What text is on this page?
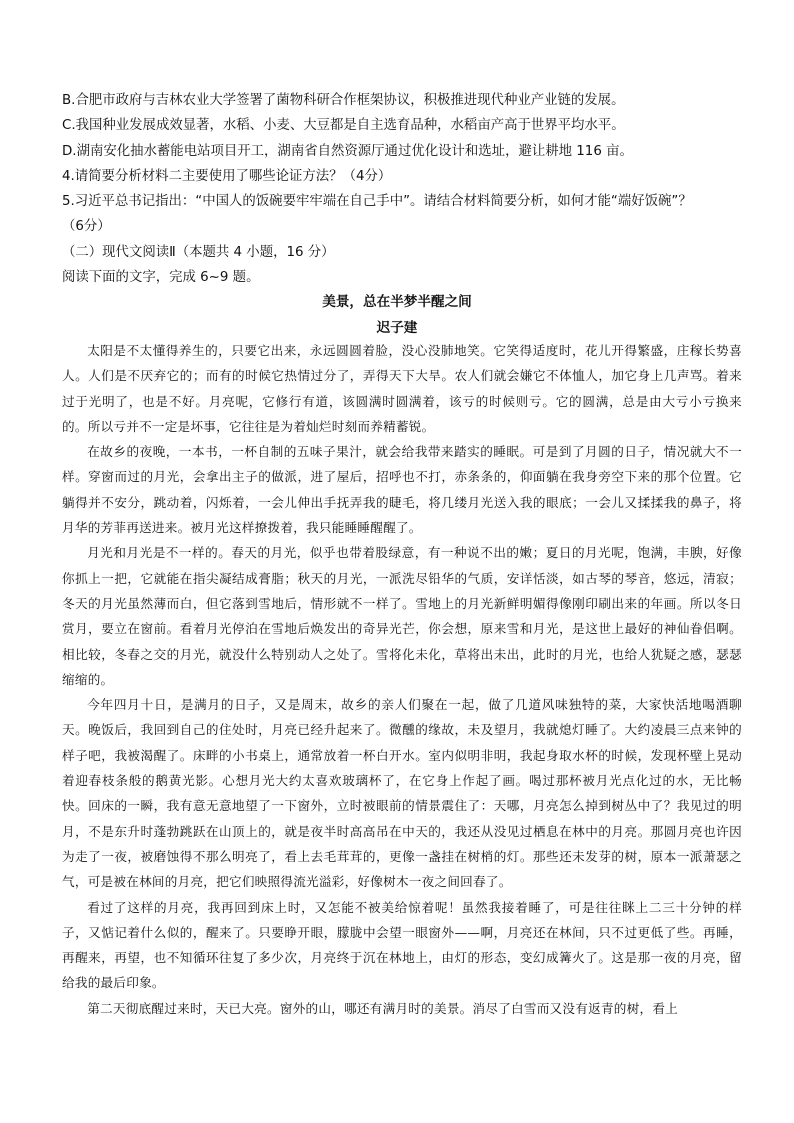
B.合肥市政府与吉林农业大学签署了菌物科研合作框架协议，积极推进现代种业产业链的发展。

C.我国种业发展成效显著，水稻、小麦、大豆都是自主选育品种，水稻亩产高于世界平均水平。

D.湖南安化抽水蓄能电站项目开工，湖南省自然资源厅通过优化设计和选址，避让耕地 116 亩。

4.请简要分析材料二主要使用了哪些论证方法？（4分）

5.习近平总书记指出：“中国人的饭碗要牢牢端在自己手中”。请结合材料简要分析，如何才能“端好饭碗”？

（6分）

（二）现代文阅读Ⅱ（本题共 4 小题，16 分）

阅读下面的文字，完成 6~9 题。

美景，总在半梦半醒之间
迟子建

太阳是不太懂得养生的，只要它出来，永远圆圆着脸，没心没肺地笑。它笑得适度时，花儿开得繁盛，庄稼长势喜人。人们是不厌弃它的；而有的时候它热情过分了，弄得天下大旱。农人们就会嫌它不体恤人，加它身上几声骂。着来过于光明了，也是不好。月亮呢，它修行有道，该圆满时圆满着，该亏的时候则亏。它的圆满，总是由大亏小亏换来的。所以亏并不一定是坏事，它往往是为着灿烂时刻而养精蓄锐。

在故乡的夜晚，一本书，一杯自制的五味子果汁，就会给我带来踏实的睡眠。可是到了月圆的日子，情况就大不一样。穿窗而过的月光，会拿出主子的做派，进了屋后，招呼也不打，赤条条的，仰面躺在我身旁空下来的那个位置。它躺得并不安分，跳动着，闪烁着，一会儿伸出手抚弄我的睫毛，将几缕月光送入我的眼底；一会儿又揉揉我的鼻子，将月华的芳菲再送进来。被月光这样撩拨着，我只能睡睡醒醒了。

月光和月光是不一样的。春天的月光，似乎也带着股绿意，有一种说不出的嫩；夏日的月光呢，饱满，丰腴，好像你抓上一把，它就能在指尖凝结成膏脂；秋天的月光，一派洗尽铅华的气质，安详恬淡，如古琴的琴音，悠远，清寂；冬天的月光虽然薄而白，但它落到雪地后，情形就不一样了。雪地上的月光新鲜明媚得像刚印刷出来的年画。所以冬日赏月，要立在窗前。看着月光停泊在雪地后焕发出的奇异光芒，你会想，原来雪和月光，是这世上最好的神仙眷侣啊。相比较，冬春之交的月光，就没什么特别动人之处了。雪将化未化，草将出未出，此时的月光，也给人犹疑之感，瑟瑟缩缩的。

今年四月十日，是满月的日子，又是周末，故乡的亲人们聚在一起，做了几道风味独特的菜，大家快活地喝酒聊天。晚饭后，我回到自己的住处时，月亮已经升起来了。微醺的缘故，未及望月，我就熄灯睡了。大约凌晨三点来钟的样子吧，我被渴醒了。床畔的小书桌上，通常放着一杯白开水。室内似明非明，我起身取水杯的时候，发现杯壁上晃动着迎春枝条般的鹅黄光影。心想月光大约太喜欢玻璃杯了，在它身上作起了画。喝过那杯被月光点化过的水，无比畅快。回床的一瞬，我有意无意地望了一下窗外，立时被眼前的情景震住了：天哪，月亮怎么掉到树丛中了？我见过的明月，不是东升时蓬勃跳跃在山顶上的，就是夜半时高高吊在中天的，我还从没见过栖息在林中的月亮。那圆月亮也许因为走了一夜，被磨蚀得不那么明亮了，看上去毛茸茸的，更像一盏挂在树梢的灯。那些还未发芽的树，原本一派萧瑟之气，可是被在林间的月亮，把它们映照得流光溢彩，好像树木一夜之间回春了。

看过了这样的月亮，我再回到床上时，又怎能不被美给惊着呢！虽然我接着睡了，可是往往眯上二三十分钟的样子，又惦记着什么似的，醒来了。只要睁开眼，朦胧中会望一眼窗外——啊，月亮还在林间，只不过更低了些。再睡，再醒来，再望，也不知循环往复了多少次，月亮终于沉在林地上，由灯的形态，变幻成篝火了。这是那一夜的月亮，留给我的最后印象。

第二天彻底醒过来时，天已大亮。窗外的山，哪还有满月时的美景。消尽了白雪而又没有返青的树，看上
